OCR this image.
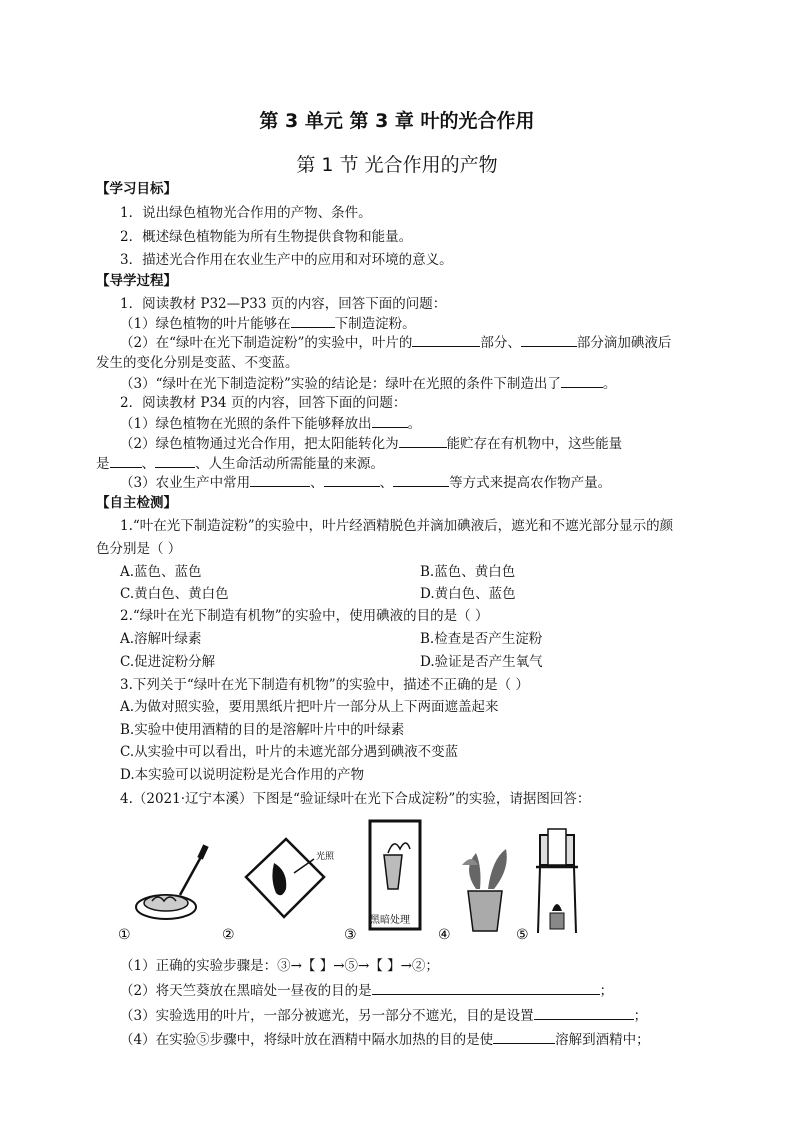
第 3 单元 第 3 章 叶的光合作用
第 1 节 光合作用的产物
【学习目标】
1．说出绿色植物光合作用的产物、条件。
2．概述绿色植物能为所有生物提供食物和能量。
3．描述光合作用在农业生产中的应用和对环境的意义。
【导学过程】
1．阅读教材 P32—P33 页的内容，回答下面的问题：
（1）绿色植物的叶片能够在	下制造淀粉。
（2）在“绿叶在光下制造淀粉”的实验中，叶片的	部分、	部分滴加碘液后
发生的变化分别是变蓝、不变蓝。
（3）“绿叶在光下制造淀粉”实验的结论是：绿叶在光照的条件下制造出了	。
2．阅读教材 P34 页的内容，回答下面的问题：
（1）绿色植物在光照的条件下能够释放出	。
（2）绿色植物通过光合作用，把太阳能转化为	能贮存在有机物中，这些能量
是 、	、人生命活动所需能量的来源。
（3）农业生产中常用	、	、	等方式来提高农作物产量。
【自主检测】
1.“叶在光下制造淀粉”的实验中，叶片经酒精脱色并滴加碘液后，遮光和不遮光部分显示的颜
色分别是（ ）
A.蓝色、蓝色	B.蓝色、黄白色
C.黄白色、黄白色	D.黄白色、蓝色
2.“绿叶在光下制造有机物”的实验中，使用碘液的目的是（ ）
A.溶解叶绿素	B.检查是否产生淀粉
C.促进淀粉分解	D.验证是否产生氧气
3.下列关于“绿叶在光下制造有机物”的实验中，描述不正确的是（ ）
A.为做对照实验，要用黑纸片把叶片一部分从上下两面遮盖起来
B.实验中使用酒精的目的是溶解叶片中的叶绿素
C.从实验中可以看出，叶片的未遮光部分遇到碘液不变蓝
D.本实验可以说明淀粉是光合作用的产物
4.（2021·辽宁本溪）下图是“验证绿叶在光下合成淀粉”的实验，请据图回答：
①
光照
②
黑暗处理
③	④	⑤
（1）正确的实验步骤是：③→【 】→⑤→【 】→②；
（2）将天竺葵放在黑暗处一昼夜的目的是	；
（3）实验选用的叶片，一部分被遮光，另一部分不遮光，目的是设置	；
（4）在实验⑤步骤中，将绿叶放在酒精中隔水加热的目的是使	溶解到酒精中；
